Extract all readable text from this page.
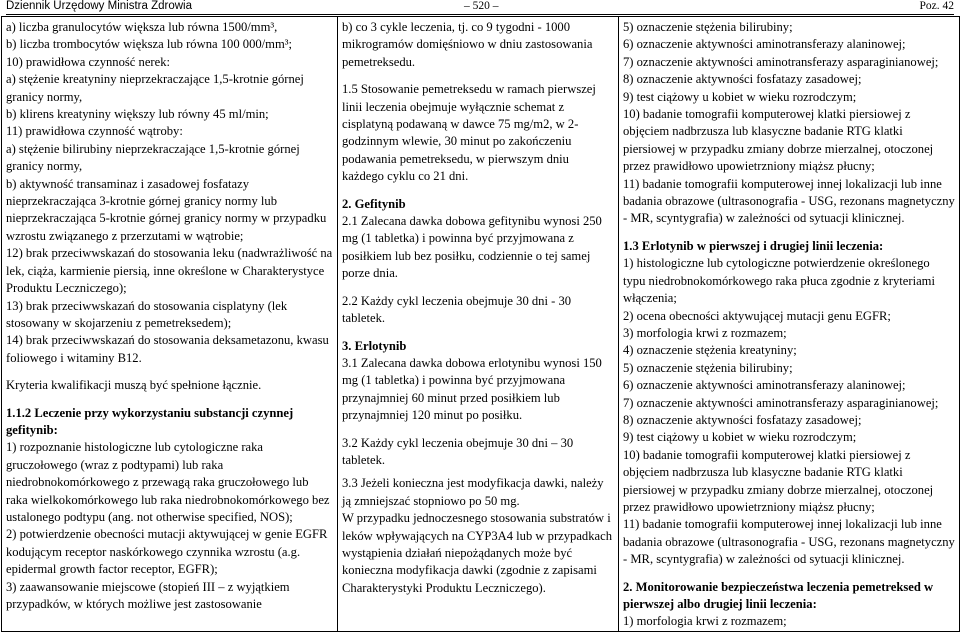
Dziennik Urzędowy Ministra Zdrowia	– 520 –	Poz. 42

a) liczba granulocytów większa lub równa 1500/mm³,

b) liczba trombocytów większa lub równa 100 000/mm³;

10) prawidłowa czynność nerek:

a) stężenie kreatyniny nieprzekraczające 1,5-krotnie górnej granicy normy,

b) klirens kreatyniny większy lub równy 45 ml/min;

11) prawidłowa czynność wątroby:

a) stężenie bilirubiny nieprzekraczające 1,5-krotnie górnej granicy normy,

b) aktywność transaminaz i zasadowej fosfatazy nieprzekraczająca 3-krotnie górnej granicy normy lub nieprzekraczająca 5-krotnie górnej granicy normy w przypadku wzrostu związanego z przerzutami w wątrobie;

12) brak przeciwwskazań do stosowania leku (nadwrażliwość na lek, ciąża, karmienie piersią, inne określone w Charakterystyce Produktu Leczniczego);

13) brak przeciwwskazań do stosowania cisplatyny (lek stosowany w skojarzeniu z pemetreksedem);

14) brak przeciwwskazań do stosowania deksametazonu, kwasu foliowego i witaminy B12.

Kryteria kwalifikacji muszą być spełnione łącznie.

1.1.2 Leczenie przy wykorzystaniu substancji czynnej gefitynib:

1) rozpoznanie histologiczne lub cytologiczne raka gruczołowego (wraz z podtypami) lub raka niedrobnokomórkowego z przewagą raka gruczołowego lub raka wielkokomórkowego lub raka niedrobnokomórkowego bez ustalonego podtypu (ang. not otherwise specified, NOS);

2) potwierdzenie obecności mutacji aktywującej w genie EGFR kodującym receptor naskórkowego czynnika wzrostu (a.g. epidermal growth factor receptor, EGFR);

3) zaawansowanie miejscowe (stopień III – z wyjątkiem przypadków, w których możliwe jest zastosowanie

b) co 3 cykle leczenia, tj. co 9 tygodni - 1000 mikrogramów domięśniowo w dniu zastosowania pemetreksedu.

1.5 Stosowanie pemetreksedu w ramach pierwszej linii leczenia obejmuje wyłącznie schemat z cisplatyną podawaną w dawce 75 mg/m2, w 2-godzinnym wlewie, 30 minut po zakończeniu podawania pemetreksedu, w pierwszym dniu każdego cyklu co 21 dni.

2. Gefitynib

2.1 Zalecana dawka dobowa gefitynibu wynosi 250 mg (1 tabletka) i powinna być przyjmowana z posiłkiem lub bez posiłku, codziennie o tej samej porze dnia.

2.2 Każdy cykl leczenia obejmuje 30 dni - 30 tabletek.

3. Erlotynib

3.1 Zalecana dawka dobowa erlotynibu wynosi 150 mg (1 tabletka) i powinna być przyjmowana przynajmniej 60 minut przed posiłkiem lub przynajmniej 120 minut po posiłku.

3.2 Każdy cykl leczenia obejmuje 30 dni – 30 tabletek.

3.3 Jeżeli konieczna jest modyfikacja dawki, należy ją zmniejszać stopniowo po 50 mg.

W przypadku jednoczesnego stosowania substratów i leków wpływających na CYP3A4 lub w przypadkach wystąpienia działań niepożądanych może być konieczna modyfikacja dawki (zgodnie z zapisami Charakterystyki Produktu Leczniczego).

5) oznaczenie stężenia bilirubiny;

6) oznaczenie aktywności aminotransferazy alaninowej;

7) oznaczenie aktywności aminotransferazy asparaginianowej;

8) oznaczenie aktywności fosfatazy zasadowej;

9) test ciążowy u kobiet w wieku rozrodczym;

10) badanie tomografii komputerowej klatki piersiowej z objęciem nadbrzusza lub klasyczne badanie RTG klatki piersiowej w przypadku zmiany dobrze mierzalnej, otoczonej przez prawidłowo upowietrzniony miąższ płucny;

11) badanie tomografii komputerowej innej lokalizacji lub inne badania obrazowe (ultrasonografia - USG, rezonans magnetyczny - MR, scyntygrafia) w zależności od sytuacji klinicznej.

1.3 Erlotynib w pierwszej i drugiej linii leczenia:

1) histologiczne lub cytologiczne potwierdzenie określonego typu niedrobnokomórkowego raka płuca zgodnie z kryteriami włączenia;

2) ocena obecności aktywującej mutacji genu EGFR;

3) morfologia krwi z rozmazem;

4) oznaczenie stężenia kreatyniny;

5) oznaczenie stężenia bilirubiny;

6) oznaczenie aktywności aminotransferazy alaninowej;

7) oznaczenie aktywności aminotransferazy asparaginianowej;

8) oznaczenie aktywności fosfatazy zasadowej;

9) test ciążowy u kobiet w wieku rozrodczym;

10) badanie tomografii komputerowej klatki piersiowej z objęciem nadbrzusza lub klasyczne badanie RTG klatki piersiowej w przypadku zmiany dobrze mierzalnej, otoczonej przez prawidłowo upowietrzniony miąższ płucny;

11) badanie tomografii komputerowej innej lokalizacji lub inne badania obrazowe (ultrasonografia - USG, rezonans magnetyczny - MR, scyntygrafia) w zależności od sytuacji klinicznej.

2. Monitorowanie bezpieczeństwa leczenia pemetreksed w pierwszej albo drugiej linii leczenia:

1) morfologia krwi z rozmazem;
